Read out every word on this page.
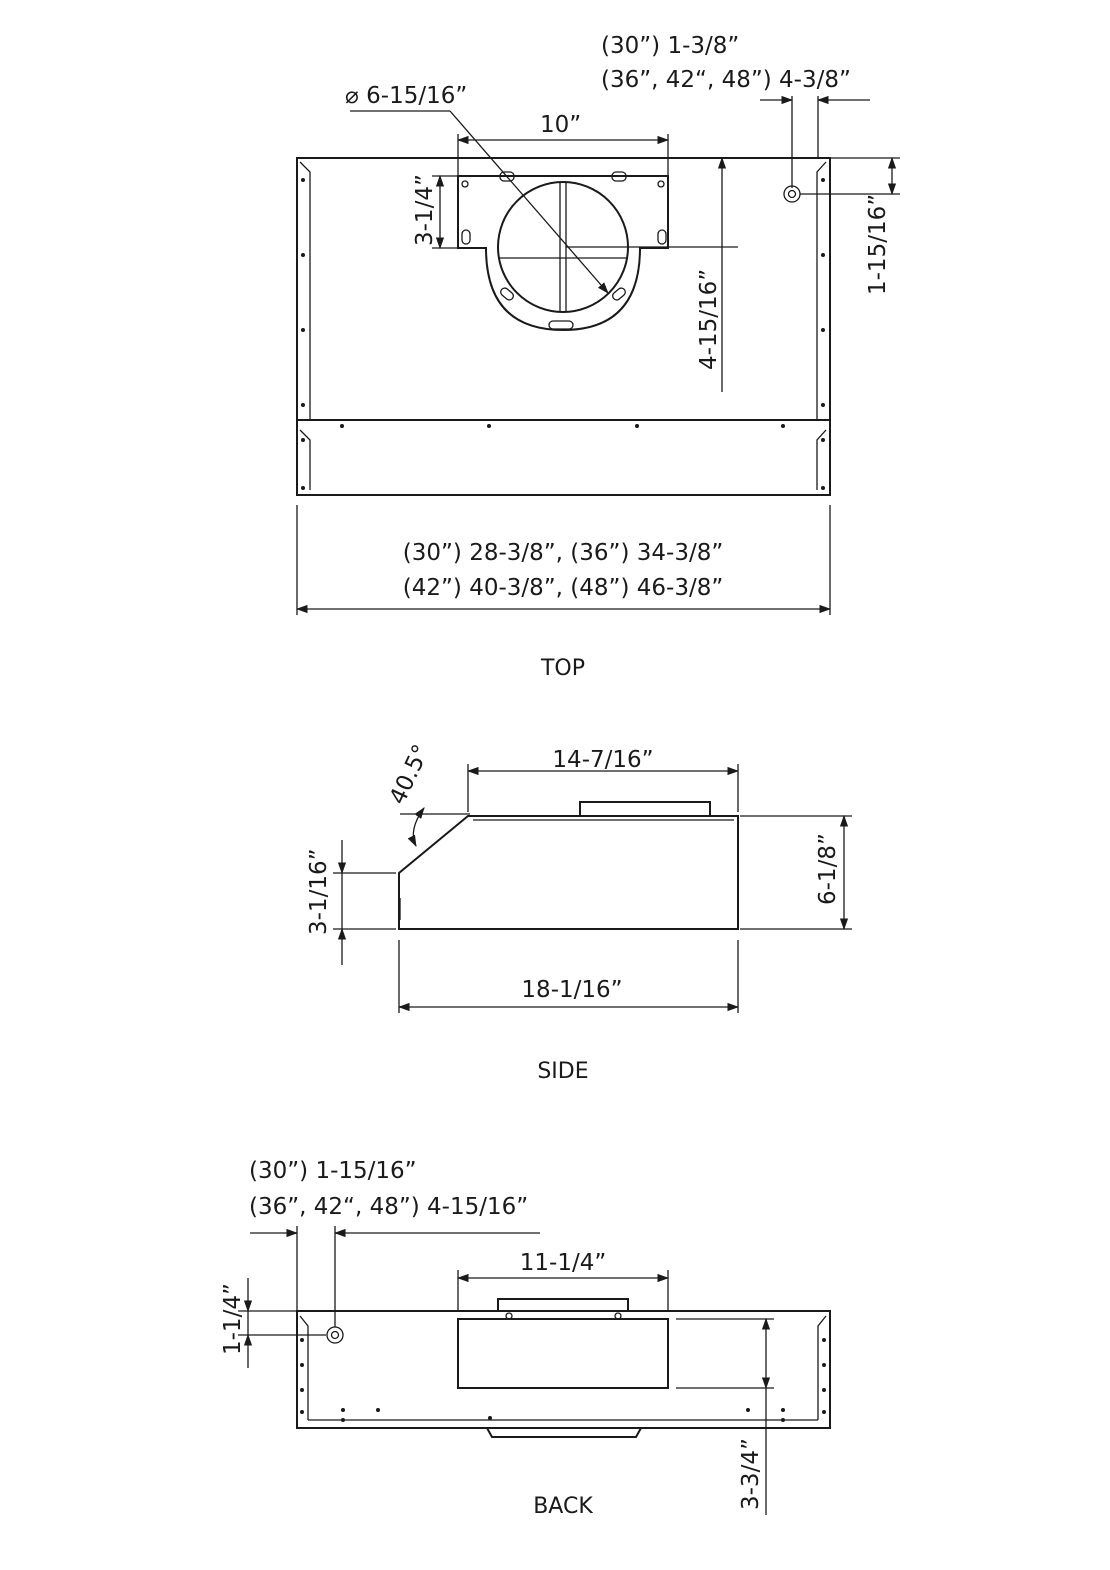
(30”) 1-3/8”
(36”, 42“, 48”) 4-3/8”
⌀ 6-15/16”
10”
3-1/4”
4-15/16”
1-15/16”
(30”) 28-3/8”, (36”) 34-3/8”
(42”) 40-3/8”, (48”) 46-3/8”
TOP
40.5°	14-7/16”
3-1/16”	6-1/8”
18-1/16”
SIDE
(30”) 1-15/16”
(36”, 42“, 48”) 4-15/16”
11-1/4”
1-1/4”
3-3/4”
BACK
